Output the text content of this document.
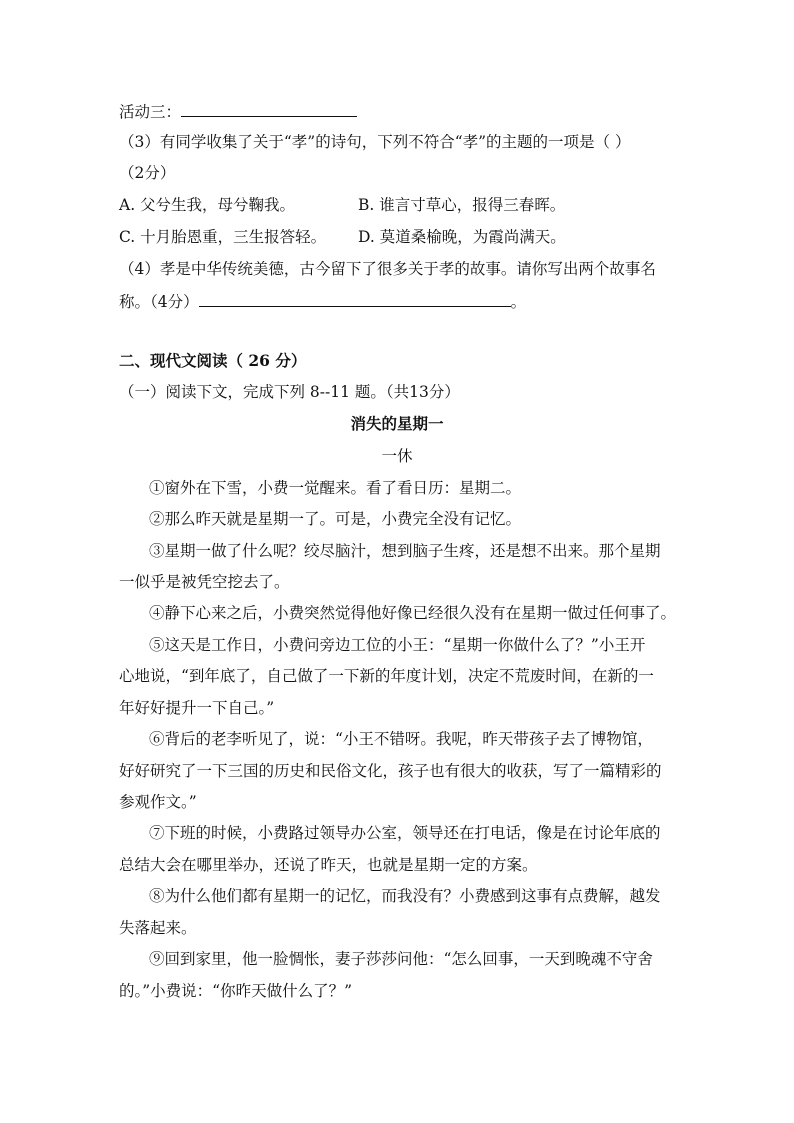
活动三：
（3）有同学收集了关于“孝”的诗句，下列不符合“孝”的主题的一项是（ ）
（2分）
A. 父兮生我，母兮鞠我。	B. 谁言寸草心，报得三春晖。
C. 十月胎恩重，三生报答轻。 D. 莫道桑榆晚，为霞尚满天。
（4）孝是中华传统美德，古今留下了很多关于孝的故事。请你写出两个故事名
称。（4分）	。
二、现代文阅读（ 26 分）
（一）阅读下文，完成下列 8--11 题。（共13分）
消失的星期一
一休
①窗外在下雪，小费一觉醒来。看了看日历：星期二。
②那么昨天就是星期一了。可是，小费完全没有记忆。
③星期一做了什么呢？绞尽脑汁，想到脑子生疼，还是想不出来。那个星期
一似乎是被凭空挖去了。
④静下心来之后，小费突然觉得他好像已经很久没有在星期一做过任何事了。
⑤这天是工作日，小费问旁边工位的小王：“星期一你做什么了？”小王开
心地说，“到年底了，自己做了一下新的年度计划，决定不荒废时间，在新的一
年好好提升一下自己。”
⑥背后的老李听见了，说：“小王不错呀。我呢，昨天带孩子去了博物馆，
好好研究了一下三国的历史和民俗文化，孩子也有很大的收获，写了一篇精彩的
参观作文。”
⑦下班的时候，小费路过领导办公室，领导还在打电话，像是在讨论年底的
总结大会在哪里举办，还说了昨天，也就是星期一定的方案。
⑧为什么他们都有星期一的记忆，而我没有？小费感到这事有点费解，越发
失落起来。
⑨回到家里，他一脸惆怅，妻子莎莎问他：“怎么回事，一天到晚魂不守舍
的。”小费说：“你昨天做什么了？”
